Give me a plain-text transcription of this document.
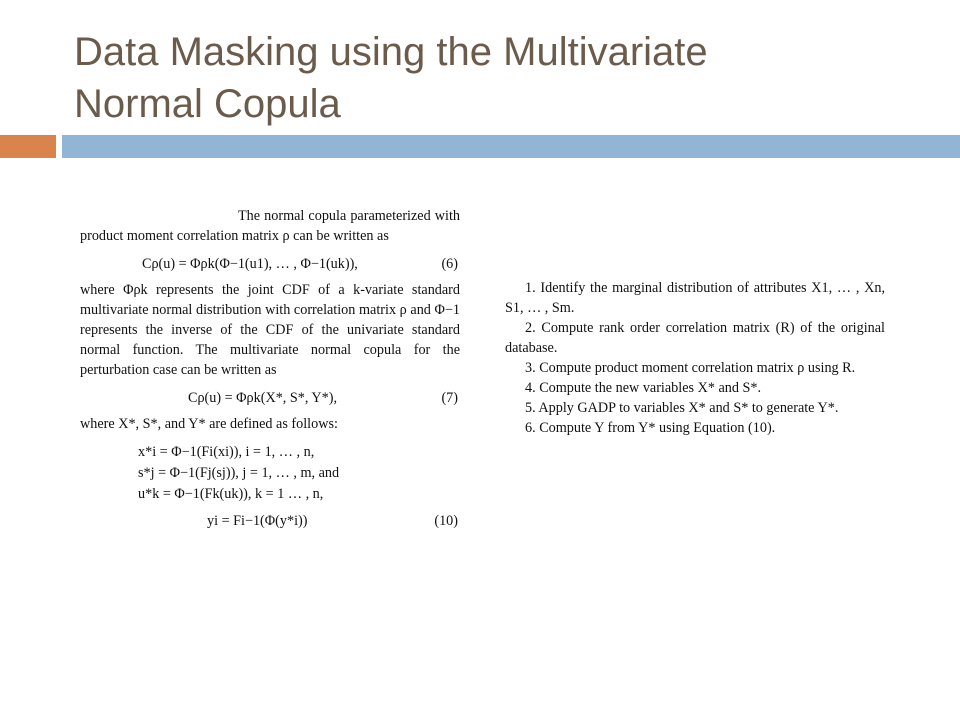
Data Masking using the Multivariate
Normal Copula

The normal copula parameterized with product moment correlation matrix ρ can be written as

Cρ(u) = Φρk(Φ−1(u1), … , Φ−1(uk)),	(6)

where Φρk represents the joint CDF of a k-variate standard multivariate normal distribution with correlation matrix ρ and Φ−1 represents the inverse of the CDF of the univariate standard normal function. The multivariate normal copula for the perturbation case can be written as

Cρ(u) = Φρk(X*, S*, Y*),	(7)

where X*, S*, and Y* are defined as follows:

x*i = Φ−1(Fi(xi)), i = 1, … , n,
s*j = Φ−1(Fj(sj)), j = 1, … , m, and
u*k = Φ−1(Fk(uk)), k = 1 … , n,
yi = Fi−1(Φ(y*i))	(10)
1. Identify the marginal distribution of attributes X1, … , Xn, S1, … , Sm.
2. Compute rank order correlation matrix (R) of the original database.
3. Compute product moment correlation matrix ρ using R.
4. Compute the new variables X* and S*.
5. Apply GADP to variables X* and S* to generate Y*.
6. Compute Y from Y* using Equation (10).
